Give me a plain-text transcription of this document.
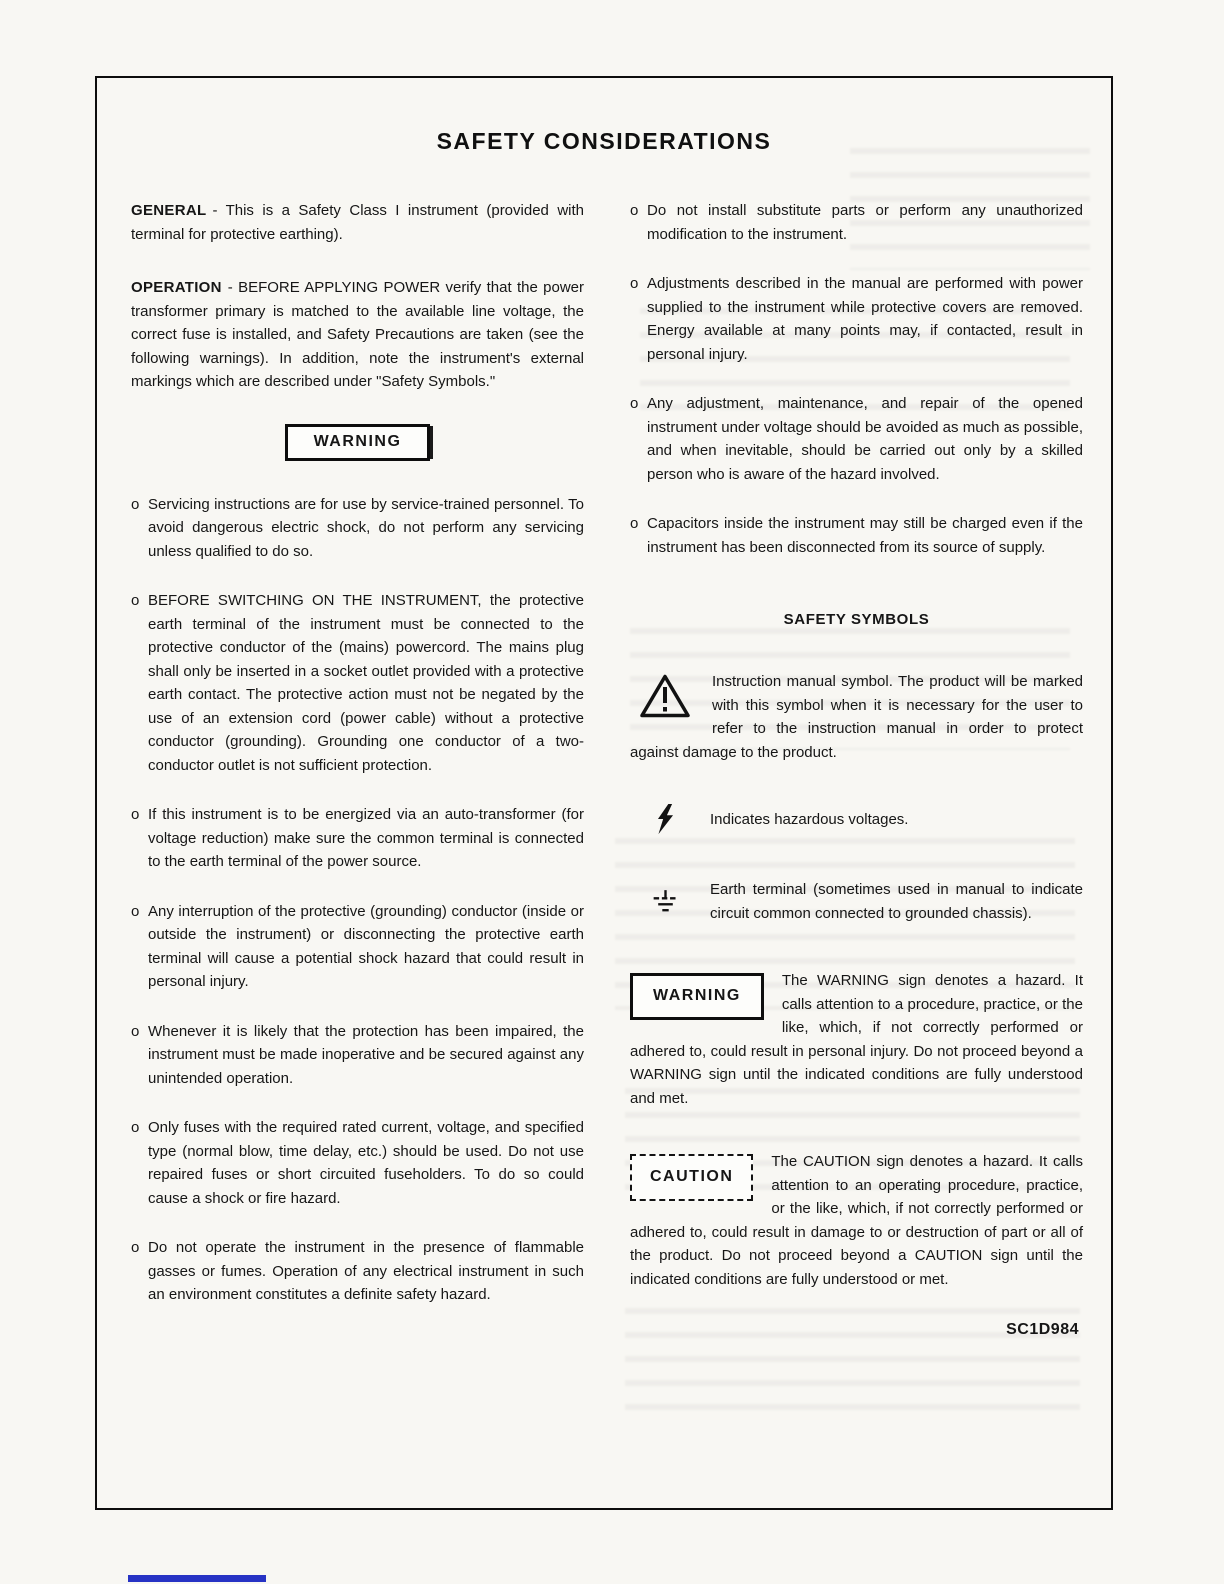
SAFETY CONSIDERATIONS

GENERAL - This is a Safety Class I instrument (provided with terminal for protective earthing).

OPERATION - BEFORE APPLYING POWER verify that the power transformer primary is matched to the available line voltage, the correct fuse is installed, and Safety Precautions are taken (see the following warnings). In addition, note the instrument's external markings which are described under "Safety Symbols."

WARNING
o Servicing instructions are for use by service-trained personnel. To avoid dangerous electric shock, do not perform any servicing unless qualified to do so.

o BEFORE SWITCHING ON THE INSTRUMENT, the protective earth terminal of the instrument must be connected to the protective conductor of the (mains) powercord. The mains plug shall only be inserted in a socket outlet provided with a protective earth contact. The protective action must not be negated by the use of an extension cord (power cable) without a protective conductor (grounding). Grounding one conductor of a two-conductor outlet is not sufficient protection.

o If this instrument is to be energized via an auto-transformer (for voltage reduction) make sure the common terminal is connected to the earth terminal of the power source.

o Any interruption of the protective (grounding) conductor (inside or outside the instrument) or disconnecting the protective earth terminal will cause a potential shock hazard that could result in personal injury.

o Whenever it is likely that the protection has been impaired, the instrument must be made inoperative and be secured against any unintended operation.

o Only fuses with the required rated current, voltage, and specified type (normal blow, time delay, etc.) should be used. Do not use repaired fuses or short circuited fuseholders. To do so could cause a shock or fire hazard.

o Do not operate the instrument in the presence of flammable gasses or fumes. Operation of any electrical instrument in such an environment constitutes a definite safety hazard.

o Do not install substitute parts or perform any unauthorized modification to the instrument.

o Adjustments described in the manual are performed with power supplied to the instrument while protective covers are removed. Energy available at many points may, if contacted, result in personal injury.

o Any adjustment, maintenance, and repair of the opened instrument under voltage should be avoided as much as possible, and when inevitable, should be carried out only by a skilled person who is aware of the hazard involved.

o Capacitors inside the instrument may still be charged even if the instrument has been disconnected from its source of supply.

SAFETY SYMBOLS
Instruction manual symbol. The product will be marked with this symbol when it is necessary for the user to refer to the instruction manual in order to protect against damage to the product.
Indicates hazardous voltages.
Earth terminal (sometimes used in manual to indicate circuit common connected to grounded chassis).
WARNING
The WARNING sign denotes a hazard. It calls attention to a procedure, practice, or the like, which, if not correctly performed or adhered to, could result in personal injury. Do not proceed beyond a WARNING sign until the indicated conditions are fully understood and met.
CAUTION
The CAUTION sign denotes a hazard. It calls attention to an operating procedure, practice, or the like, which, if not correctly performed or adhered to, could result in damage to or destruction of part or all of the product. Do not proceed beyond a CAUTION sign until the indicated conditions are fully understood or met.
SC1D984
